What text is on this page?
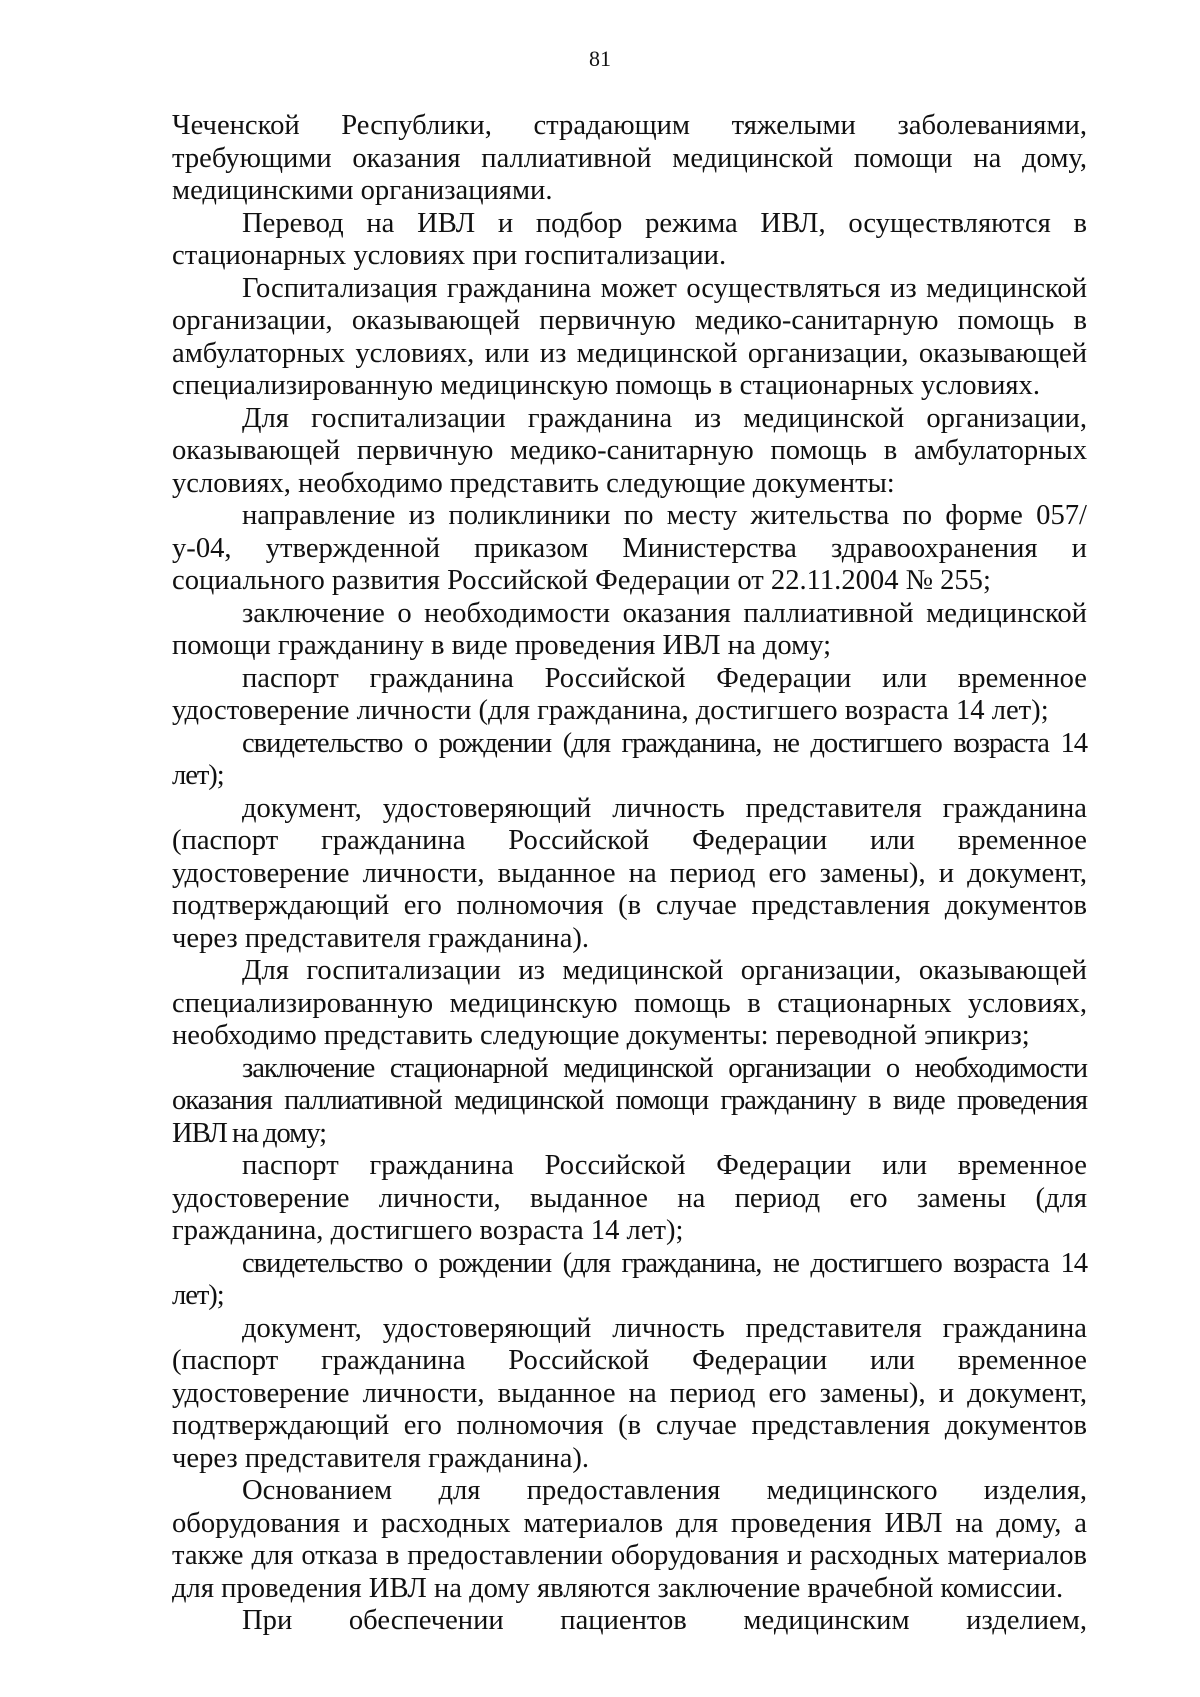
81

Чеченской Республики, страдающим тяжелыми заболеваниями, требующими оказания паллиативной медицинской помощи на дому, медицинскими организациями.

Перевод на ИВЛ и подбор режима ИВЛ, осуществляются в стационарных условиях при госпитализации.

Госпитализация гражданина может осуществляться из медицинской организации, оказывающей первичную медико-санитарную помощь в амбулаторных условиях, или из медицинской организации, оказывающей специализированную медицинскую помощь в стационарных условиях.

Для госпитализации гражданина из медицинской организации, оказывающей первичную медико-санитарную помощь в амбулаторных условиях, необходимо представить следующие документы:

направление из поликлиники по месту жительства по форме 057/у-04, утвержденной приказом Министерства здравоохранения и социального развития Российской Федерации от 22.11.2004 № 255;

заключение о необходимости оказания паллиативной медицинской помощи гражданину в виде проведения ИВЛ на дому;

паспорт гражданина Российской Федерации или временное удостоверение личности (для гражданина, достигшего возраста 14 лет);

свидетельство о рождении (для гражданина, не достигшего возраста 14 лет);

документ, удостоверяющий личность представителя гражданина (паспорт гражданина Российской Федерации или временное удостоверение личности, выданное на период его замены), и документ, подтверждающий его полномочия (в случае представления документов через представителя гражданина).

Для госпитализации из медицинской организации, оказывающей специализированную медицинскую помощь в стационарных условиях, необходимо представить следующие документы: переводной эпикриз;

заключение стационарной медицинской организации о необходимости оказания паллиативной медицинской помощи гражданину в виде проведения ИВЛ на дому;

паспорт гражданина Российской Федерации или временное удостоверение личности, выданное на период его замены (для гражданина, достигшего возраста 14 лет);

свидетельство о рождении (для гражданина, не достигшего возраста 14 лет);

документ, удостоверяющий личность представителя гражданина (паспорт гражданина Российской Федерации или временное удостоверение личности, выданное на период его замены), и документ, подтверждающий его полномочия (в случае представления документов через представителя гражданина).

Основанием для предоставления медицинского изделия, оборудования и расходных материалов для проведения ИВЛ на дому, а также для отказа в предоставлении оборудования и расходных материалов для проведения ИВЛ на дому являются заключение врачебной комиссии.

При обеспечении пациентов медицинским изделием,
